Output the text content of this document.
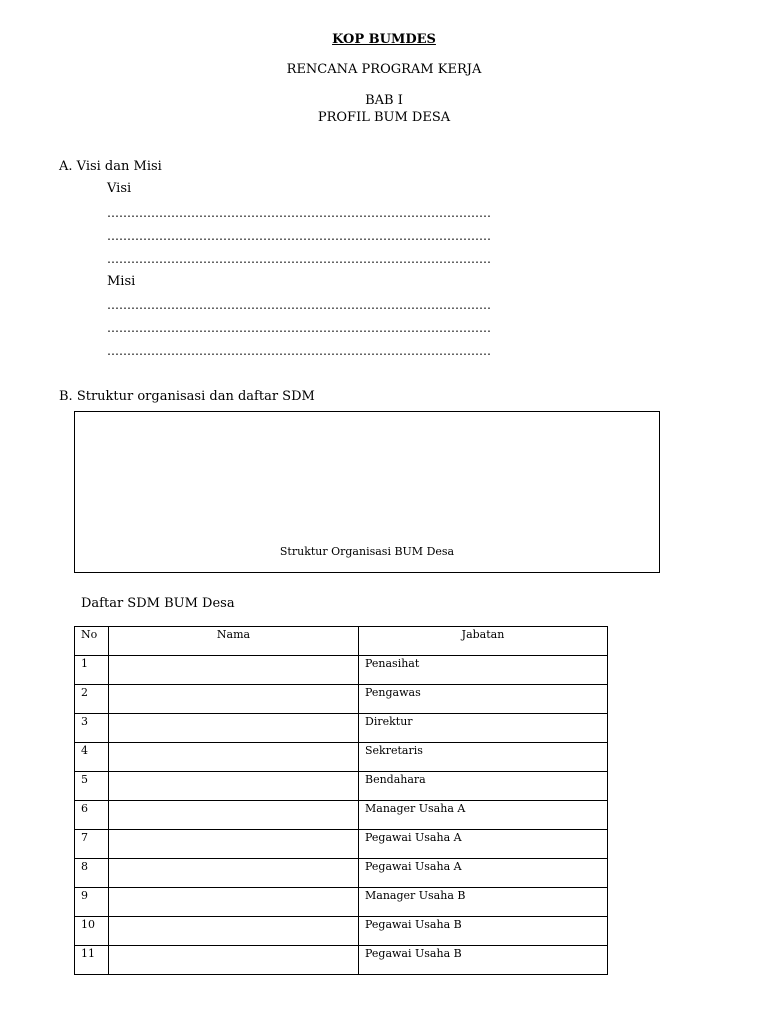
KOP BUMDES
RENCANA PROGRAM KERJA
BAB I
PROFIL BUM DESA
A. Visi dan Misi
Visi
……………………………………………………………………………………
……………………………………………………………………………………
……………………………………………………………………………………
Misi
……………………………………………………………………………………
……………………………………………………………………………………
……………………………………………………………………………………
B. Struktur organisasi dan daftar SDM
Struktur Organisasi BUM Desa
Daftar SDM BUM Desa
No	Nama	Jabatan
1		Penasihat
2		Pengawas
3		Direktur
4		Sekretaris
5		Bendahara
6		Manager Usaha A
7		Pegawai Usaha A
8		Pegawai Usaha A
9		Manager Usaha B
10		Pegawai Usaha B
11		Pegawai Usaha B
